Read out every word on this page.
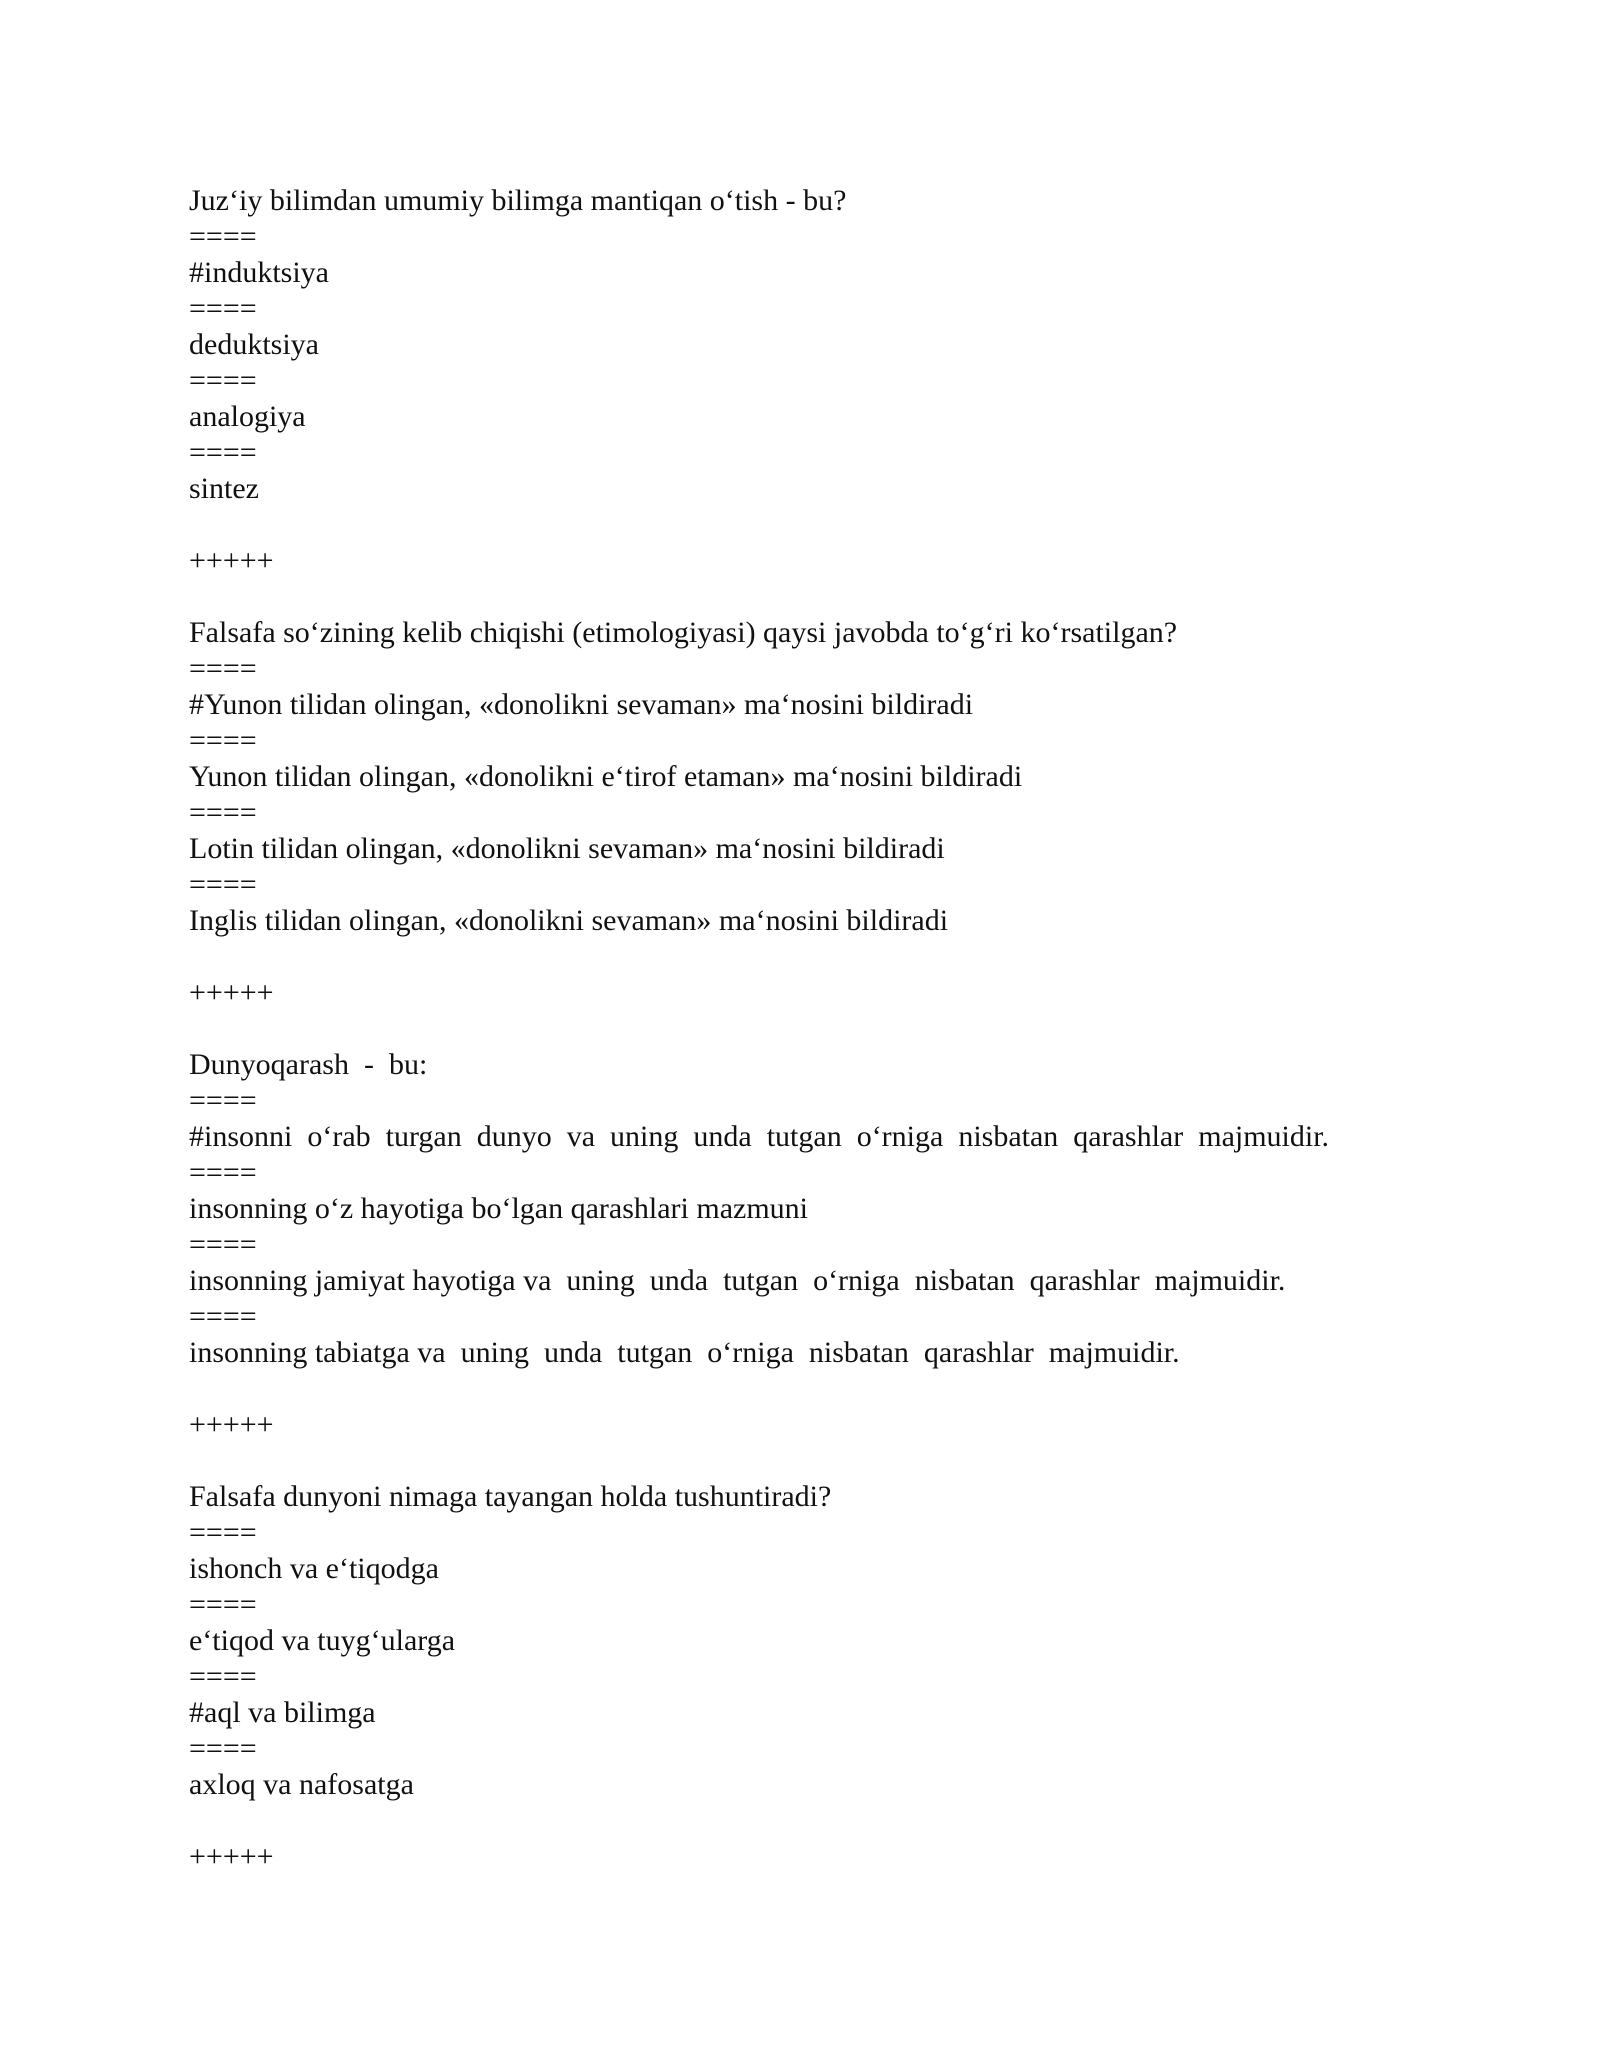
Juz‘iy bilimdan umumiy bilimga mantiqan o‘tish - bu?
====
#induktsiya
====
deduktsiya
====
analogiya
====
sintez
+++++
Falsafa so‘zining kelib chiqishi (etimologiyasi) qaysi javobda to‘g‘ri ko‘rsatilgan?
====
#Yunon tilidan olingan, «donolikni sevaman» ma‘nosini bildiradi
====
Yunon tilidan olingan, «donolikni e‘tirof etaman» ma‘nosini bildiradi
====
Lotin tilidan olingan, «donolikni sevaman» ma‘nosini bildiradi
====
Inglis tilidan olingan, «donolikni sevaman» ma‘nosini bildiradi
+++++
Dunyoqarash  -  bu:
====
#insonni  o‘rab  turgan  dunyo  va  uning  unda  tutgan  o‘rniga  nisbatan  qarashlar  majmuidir.
====
insonning o‘z hayotiga bo‘lgan qarashlari mazmuni
====
insonning jamiyat hayotiga va  uning  unda  tutgan  o‘rniga  nisbatan  qarashlar  majmuidir.
====
insonning tabiatga va  uning  unda  tutgan  o‘rniga  nisbatan  qarashlar  majmuidir.
+++++
Falsafa dunyoni nimaga tayangan holda tushuntiradi?
====
ishonch va e‘tiqodga
====
e‘tiqod va tuyg‘ularga
====
#aql va bilimga
====
axloq va nafosatga
+++++
